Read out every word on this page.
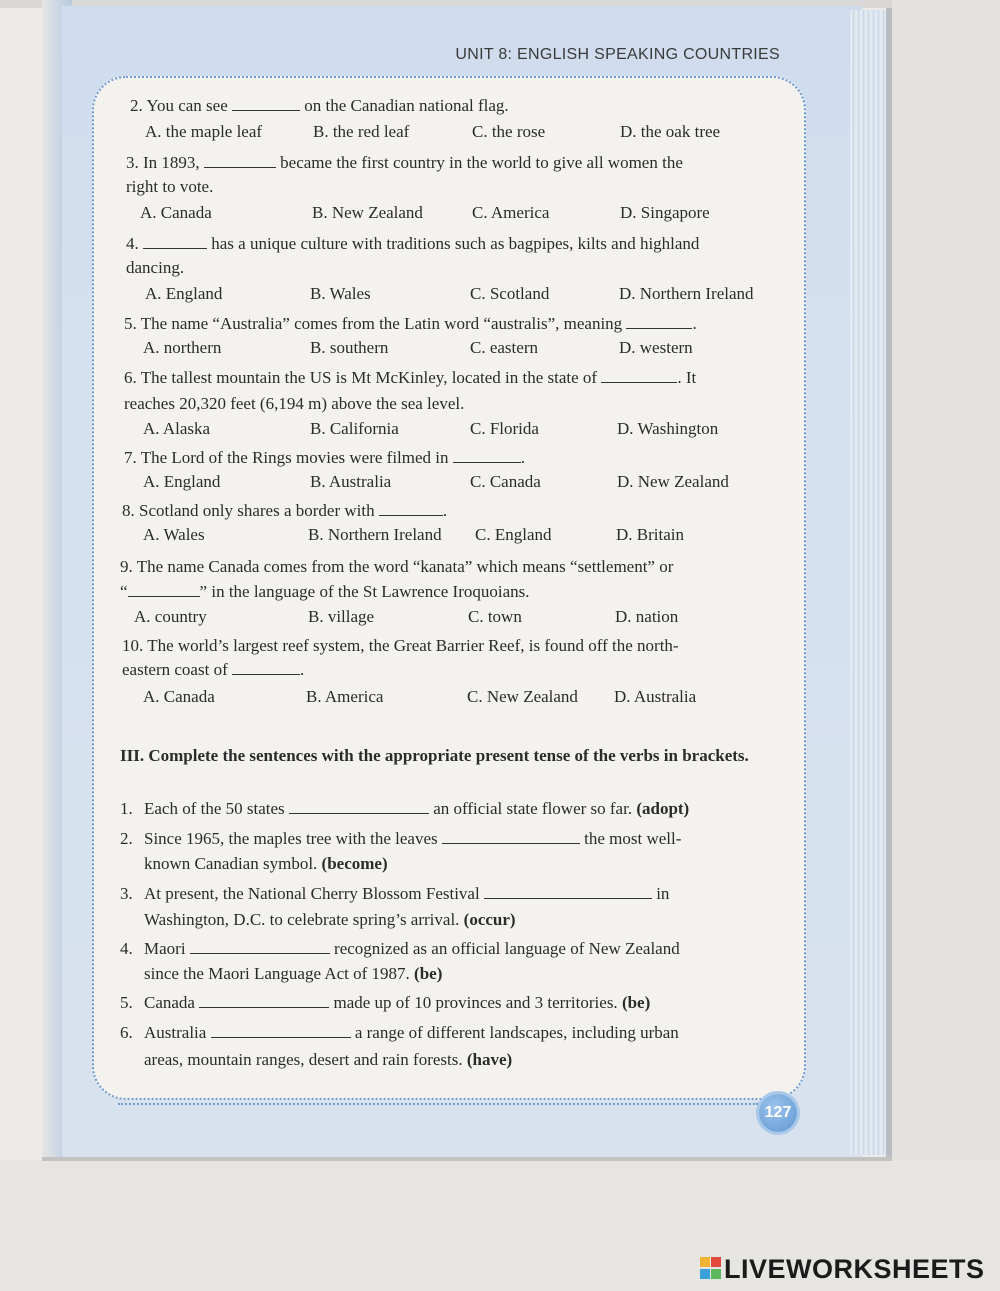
UNIT 8: ENGLISH SPEAKING COUNTRIES
2. You can see	on the Canadian national flag.
A. the maple leaf	B. the red leaf	C. the rose	D. the oak tree
3. In 1893,	became the first country in the world to give all women the
right to vote.
A. Canada	B. New Zealand	C. America	D. Singapore
4.	has a unique culture with traditions such as bagpipes, kilts and highland
dancing.
A. England	B. Wales	C. Scotland	D. Northern Ireland
5. The name “Australia” comes from the Latin word “australis”, meaning	.
A. northern	B. southern	C. eastern	D. western
6. The tallest mountain the US is Mt McKinley, located in the state of	. It
reaches 20,320 feet (6,194 m) above the sea level.
A. Alaska	B. California	C. Florida	D. Washington
7. The Lord of the Rings movies were filmed in	.
A. England	B. Australia	C. Canada	D. New Zealand
8. Scotland only shares a border with	.
A. Wales	B. Northern Ireland C. England	D. Britain
9. The name Canada comes from the word “kanata” which means “settlement” or
“	” in the language of the St Lawrence Iroquoians.
A. country	B. village	C. town	D. nation
10. The world’s largest reef system, the Great Barrier Reef, is found off the north-
eastern coast of	.
A. Canada	B. America	C. New Zealand D. Australia
III. Complete the sentences with the appropriate present tense of the verbs in brackets.
1. Each of the 50 states	an official state flower so far. (adopt)
2. Since 1965, the maples tree with the leaves	the most well-
known Canadian symbol. (become)
3. At present, the National Cherry Blossom Festival	in
Washington, D.C. to celebrate spring’s arrival. (occur)
4. Maori	recognized as an official language of New Zealand
since the Maori Language Act of 1987. (be)
5. Canada	made up of 10 provinces and 3 territories. (be)
6. Australia	a range of different landscapes, including urban
areas, mountain ranges, desert and rain forests. (have)
127
LIVEWORKSHEETS
